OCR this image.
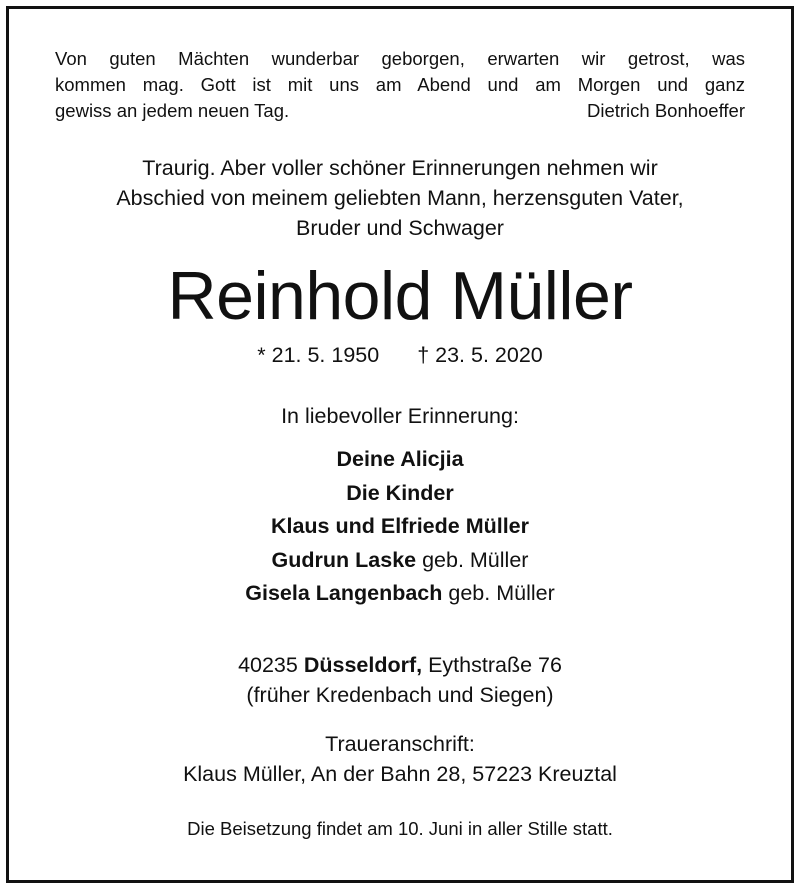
Von guten Mächten wunderbar geborgen, erwarten wir getrost, was
kommen mag. Gott ist mit uns am Abend und am Morgen und ganz
gewiss an jedem neuen Tag.	Dietrich Bonhoeffer
Traurig. Aber voller schöner Erinnerungen nehmen wir
Abschied von meinem geliebten Mann, herzensguten Vater,
Bruder und Schwager
Reinhold Müller
* 21. 5. 1950 † 23. 5. 2020
In liebevoller Erinnerung:
Deine Alicjia
Die Kinder
Klaus und Elfriede Müller
Gudrun Laske geb. Müller
Gisela Langenbach geb. Müller
40235 Düsseldorf, Eythstraße 76
(früher Kredenbach und Siegen)
Traueranschrift:
Klaus Müller, An der Bahn 28, 57223 Kreuztal
Die Beisetzung findet am 10. Juni in aller Stille statt.
